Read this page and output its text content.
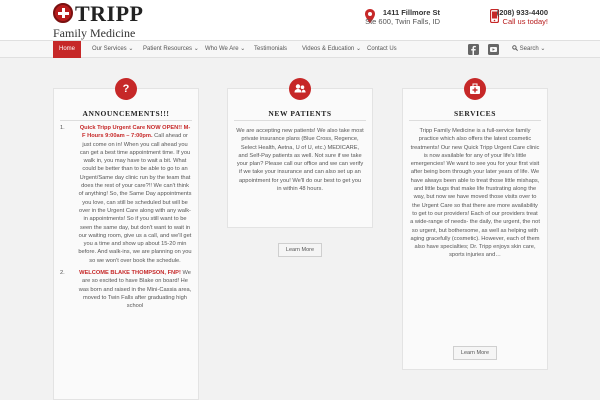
TRIPP
Family Medicine
1411 Fillmore St
Ste 600, Twin Falls, ID
(208) 933-4400
Call us today!
Home	Our Services ⌄ Patient Resources ⌄ Who We Are ⌄ Testimonials Videos & Education ⌄ Contact Us	Search ⌄
?
ANNOUNCEMENTS!!!
1.	Quick Tripp Urgent Care NOW OPEN!! M-F Hours 9:00am – 7:00pm. Call ahead or just come on in! When you call ahead you can get a best time appointment time. If you walk in, you may have to wait a bit. What could be better than to be able to go to an Urgent/Same day clinic run by the team that does the rest of your care?!! We can't think of anything! So, the Same Day appointments you love, can still be scheduled but will be over in the Urgent Care along with any walk-in appointments! So if you still want to be seen the same day, but don't want to wait in our waiting room, give us a call, and we'll get you a time and show up about 15-20 min before. And walk-ins, we are planning on you so we won't over book the schedule.
2.	WELCOME BLAKE THOMPSON, FNP! We are so excited to have Blake on board! He was born and raised in the Mini-Cassia area, moved to Twin Falls after graduating high school
NEW PATIENTS
We are accepting new patients! We also take most private insurance plans (Blue Cross, Regence, Select Health, Aetna, U of U, etc.) MEDICARE, and Self-Pay patients as well. Not sure if we take your plan? Please call our office and we can verify if we take your insurance and can also set up an appointment for you! We'll do our best to get you in within 48 hours.
Learn More
SERVICES
Tripp Family Medicine is a full-service family practice which also offers the latest cosmetic treatments! Our new Quick Tripp Urgent Care clinic is now available for any of your life's little emergencies! We want to see you for your first visit after being born through your later years of life. We have always been able to treat those little mishaps, and little bugs that make life frustrating along the way, but now we have moved those visits over to the Urgent Care so that there are more availability to get to our providers! Each of our providers treat a wide-range of needs- the daily, the urgent, the not so urgent, but bothersome, as well as helping with aging gracefully (cosmetic). However, each of them also have specialties; Dr. Tripp enjoys skin care, sports injuries and…
Learn More
